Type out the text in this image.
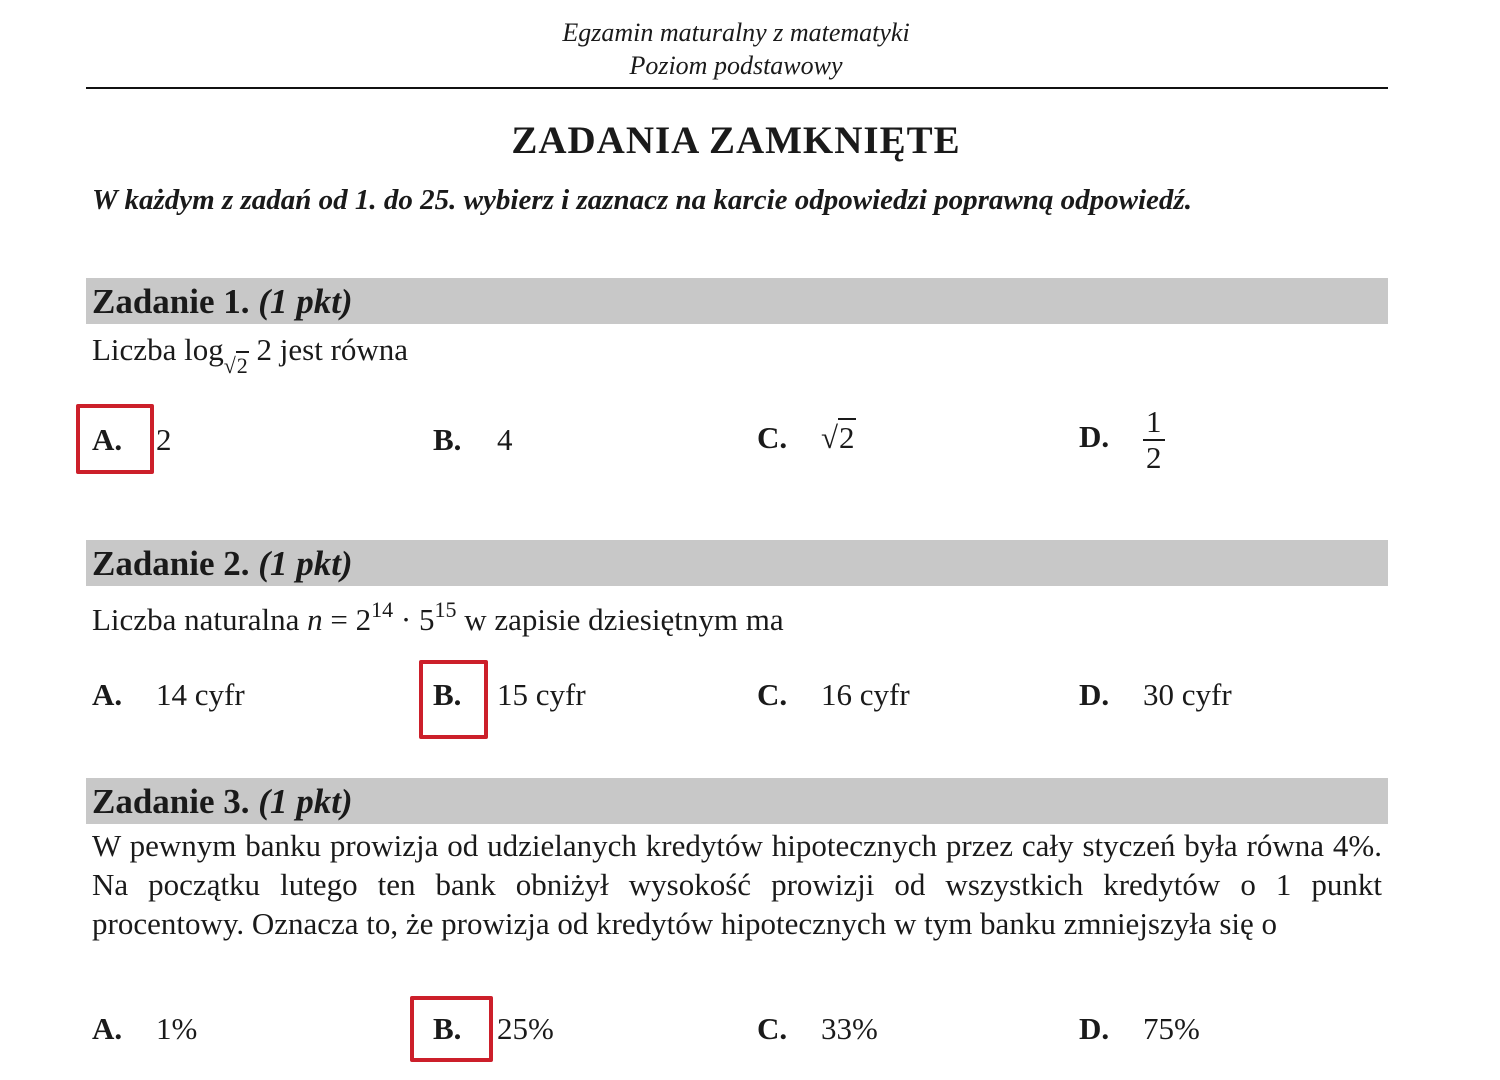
Egzamin maturalny z matematyki
Poziom podstawowy
ZADANIA ZAMKNIĘTE
W każdym z zadań od 1. do 25. wybierz i zaznacz na karcie odpowiedzi poprawną odpowiedź.
Zadanie 1. (1 pkt)
Liczba $\log_{√2} 2$ jest równa
A. 2	B. 4	C. √2	D. $\frac{1}{2}$
Zadanie 2. (1 pkt)
Liczba naturalna $n = 2^{14} \cdot 5^{15}$ w zapisie dziesiętnym ma
A. 14 cyfr	B. 15 cyfr	C. 16 cyfr	D. 30 cyfr
Zadanie 3. (1 pkt)
W pewnym banku prowizja od udzielanych kredytów hipotecznych przez cały styczeń była równa 4%. Na początku lutego ten bank obniżył wysokość prowizji od wszystkich kredytów o 1 punkt procentowy. Oznacza to, że prowizja od kredytów hipotecznych w tym banku zmniejszyła się o
A. 1%	B. 25%	C. 33%	D. 75%
